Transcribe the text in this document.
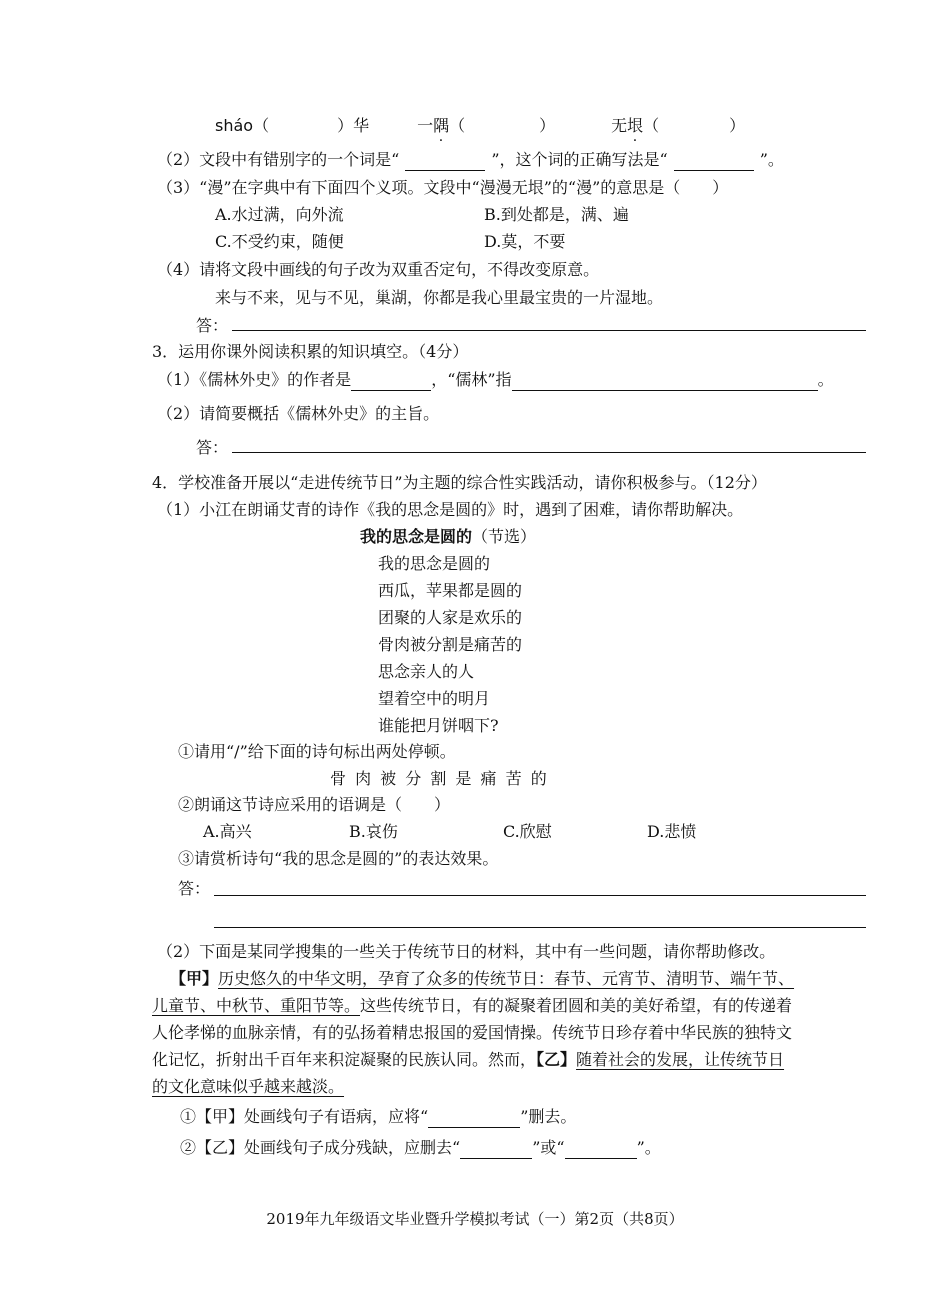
sháo（	）华	一隅（ ·	）	无垠（ ·	）
（2）文段中有错别字的一个词是“	”，这个词的正确写法是“	”。
（3）“漫”在字典中有下面四个义项。文段中“漫漫无垠”的“漫”的意思是（　　）
A.水过满，向外流	B.到处都是，满、遍
C.不受约束，随便	D.莫，不要
（4）请将文段中画线的句子改为双重否定句，不得改变原意。
来与不来，见与不见，巢湖，你都是我心里最宝贵的一片湿地。
答：
3．运用你课外阅读积累的知识填空。（4分）
（1）《儒林外史》的作者是	，“儒林”指	。
（2）请简要概括《儒林外史》的主旨。
答：
4．学校准备开展以“走进传统节日”为主题的综合性实践活动，请你积极参与。（12分）
（1）小江在朗诵艾青的诗作《我的思念是圆的》时，遇到了困难，请你帮助解决。
我的思念是圆的（节选）
我的思念是圆的
西瓜，苹果都是圆的
团聚的人家是欢乐的
骨肉被分割是痛苦的
思念亲人的人
望着空中的明月
谁能把月饼咽下?
①请用“/”给下面的诗句标出两处停顿。
骨 肉 被 分 割 是 痛 苦 的
②朗诵这节诗应采用的语调是（　　）
A.高兴	B.哀伤	C.欣慰	D.悲愤
③请赏析诗句“我的思念是圆的”的表达效果。
答：
（2）下面是某同学搜集的一些关于传统节日的材料，其中有一些问题，请你帮助修改。
【甲】历史悠久的中华文明，孕育了众多的传统节日：春节、元宵节、清明节、端午节、
儿童节、中秋节、重阳节等。这些传统节日，有的凝聚着团圆和美的美好希望，有的传递着
人伦孝悌的血脉亲情，有的弘扬着精忠报国的爱国情操。传统节日珍存着中华民族的独特文
化记忆，折射出千百年来积淀凝聚的民族认同。然而，【乙】随着社会的发展，让传统节日
的文化意味似乎越来越淡。
①【甲】处画线句子有语病，应将“	”删去。
②【乙】处画线句子成分残缺，应删去“	”或“	”。
2019年九年级语文毕业暨升学模拟考试（一）第2页（共8页）
